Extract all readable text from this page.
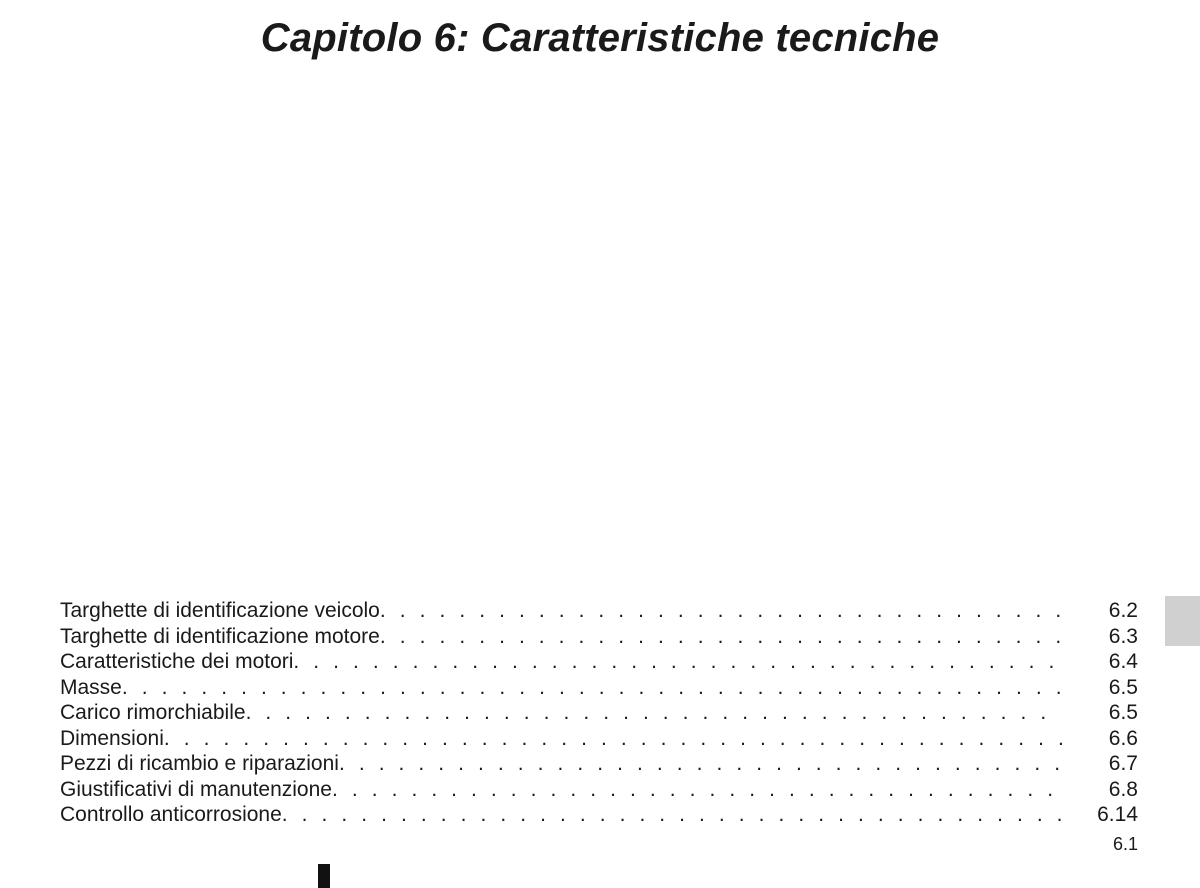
Capitolo 6: Caratteristiche tecniche
Targhette di identificazione veicolo . . .	6.2
Targhette di identificazione motore . . .	6.3
Caratteristiche dei motori . . .	6.4
Masse . . .	6.5
Carico rimorchiabile . . .	6.5
Dimensioni . . .	6.6
Pezzi di ricambio e riparazioni . . .	6.7
Giustificativi di manutenzione . . .	6.8
Controllo anticorrosione . . .	6.14
6.1
